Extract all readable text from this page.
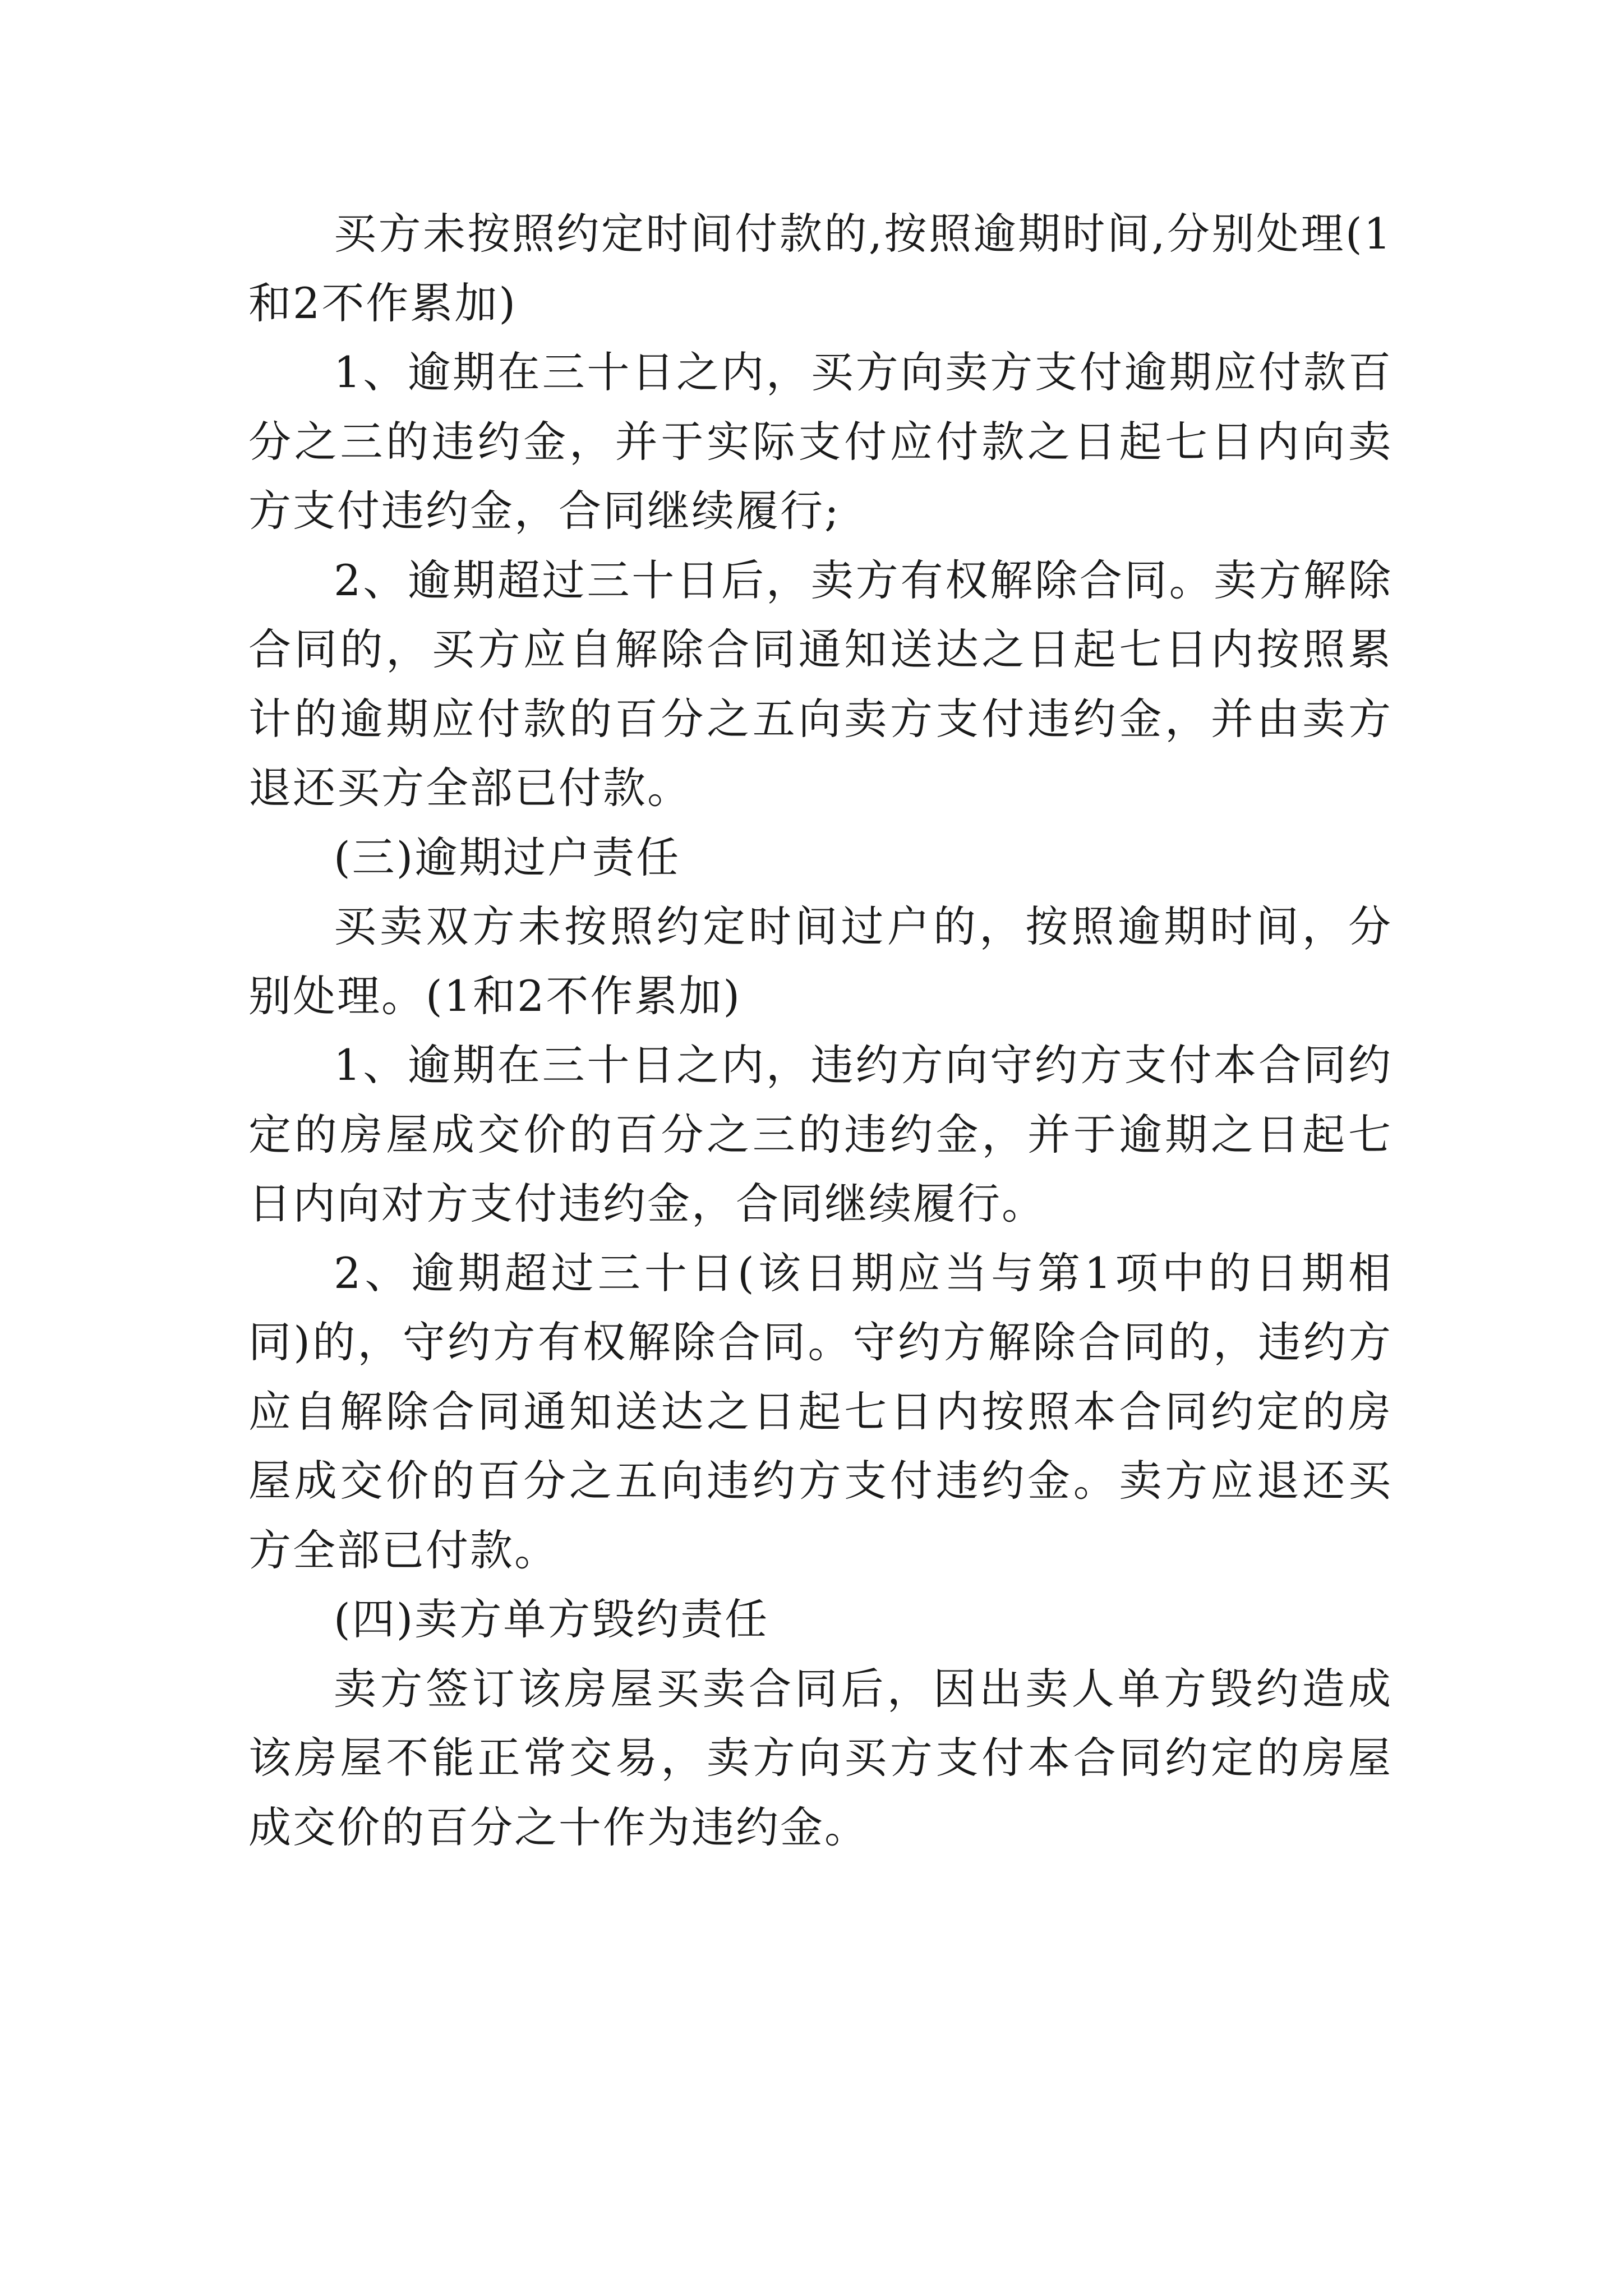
买方未按照约定时间付款的,按照逾期时间,分别处理(1和2不作累加)

1、逾期在三十日之内，买方向卖方支付逾期应付款百分之三的违约金，并于实际支付应付款之日起七日内向卖方支付违约金，合同继续履行;

2、逾期超过三十日后，卖方有权解除合同。卖方解除合同的，买方应自解除合同通知送达之日起七日内按照累计的逾期应付款的百分之五向卖方支付违约金，并由卖方退还买方全部已付款。

(三)逾期过户责任

买卖双方未按照约定时间过户的，按照逾期时间，分别处理。(1和2不作累加)

1、逾期在三十日之内，违约方向守约方支付本合同约定的房屋成交价的百分之三的违约金，并于逾期之日起七日内向对方支付违约金，合同继续履行。

2、逾期超过三十日(该日期应当与第1项中的日期相同)的，守约方有权解除合同。守约方解除合同的，违约方应自解除合同通知送达之日起七日内按照本合同约定的房屋成交价的百分之五向违约方支付违约金。卖方应退还买方全部已付款。

(四)卖方单方毁约责任

卖方签订该房屋买卖合同后，因出卖人单方毁约造成该房屋不能正常交易，卖方向买方支付本合同约定的房屋成交价的百分之十作为违约金。
